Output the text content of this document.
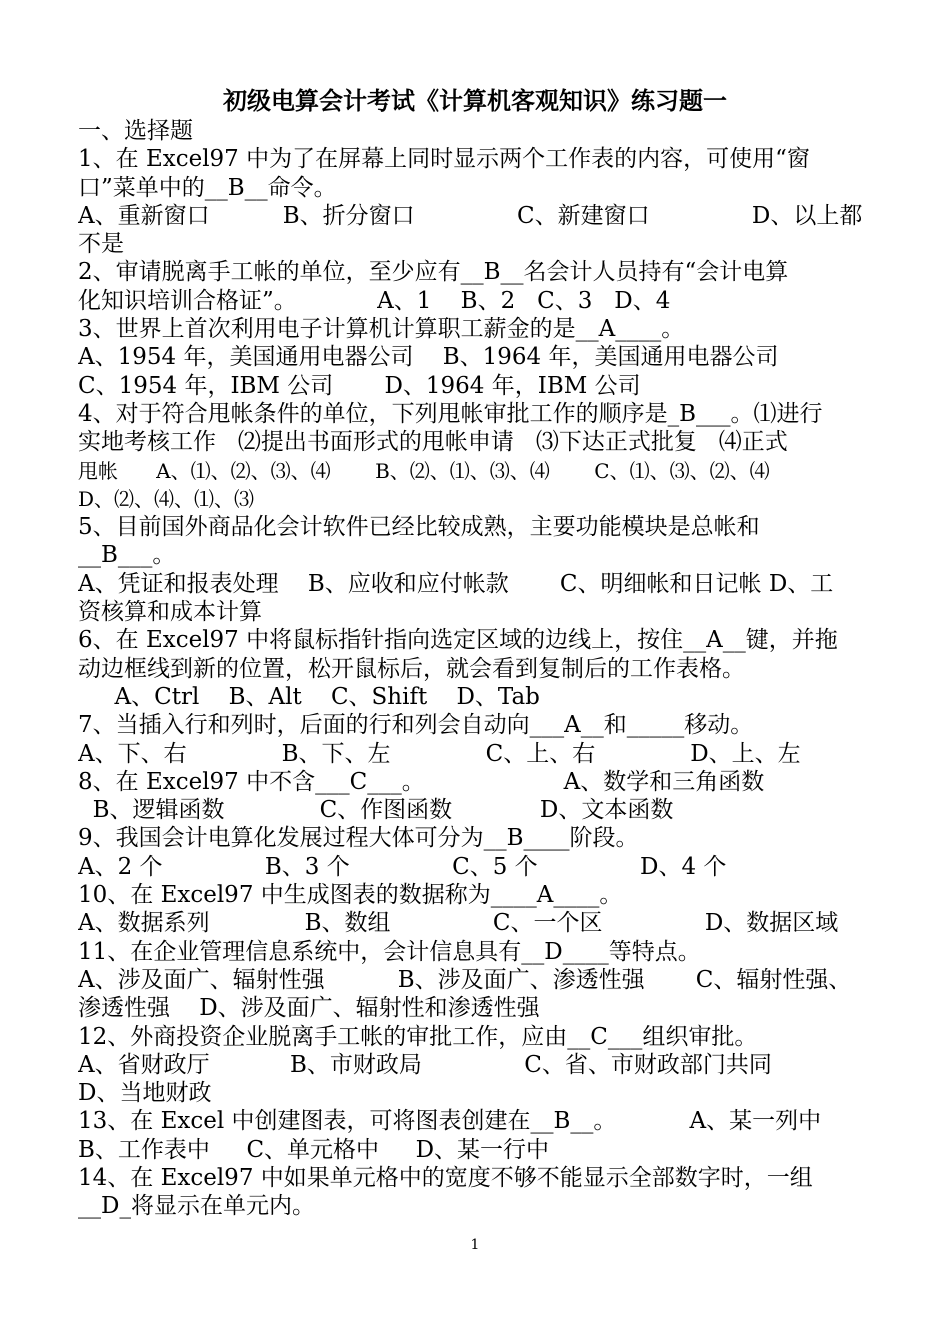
初级电算会计考试《计算机客观知识》练习题一
一、选择题
1、在 Excel97 中为了在屏幕上同时显示两个工作表的内容，可使用“窗
口”菜单中的__B__命令。
A、重新窗口          B、折分窗口              C、新建窗口              D、以上都
不是
2、审请脱离手工帐的单位，至少应有__B__名会计人员持有“会计电算
化知识培训合格证”。           A、1    B、2   C、3   D、4
3、世界上首次利用电子计算机计算职工薪金的是__A____。
A、1954 年，美国通用电器公司    B、1964 年，美国通用电器公司
C、1954 年，IBM 公司       D、1964 年，IBM 公司
4、对于符合甩帐条件的单位，下列甩帐审批工作的顺序是_B___。⑴进行
实地考核工作   ⑵提出书面形式的甩帐申请   ⑶下达正式批复   ⑷正式
甩帐      A、⑴、⑵、⑶、⑷       B、⑵、⑴、⑶、⑷       C、⑴、⑶、⑵、⑷
D、⑵、⑷、⑴、⑶
5、目前国外商品化会计软件已经比较成熟，主要功能模块是总帐和
__B___。
A、凭证和报表处理    B、应收和应付帐款       C、明细帐和日记帐 D、工
资核算和成本计算
6、在 Excel97 中将鼠标指针指向选定区域的边线上，按住__A__键，并拖
动边框线到新的位置，松开鼠标后，就会看到复制后的工作表格。
A、Ctrl    B、Alt    C、Shift    D、Tab
7、当插入行和列时，后面的行和列会自动向___A__和_____移动。
A、下、右             B、下、左             C、上、右             D、上、左
8、在 Excel97 中不含___C___。                   A、数学和三角函数
B、逻辑函数             C、作图函数            D、文本函数
9、我国会计电算化发展过程大体可分为__B____阶段。
A、2 个              B、3 个              C、5 个              D、4 个
10、在 Excel97 中生成图表的数据称为____A____。
A、数据系列             B、数组              C、一个区              D、数据区域
11、在企业管理信息系统中，会计信息具有__D____等特点。
A、涉及面广、辐射性强          B、涉及面广、渗透性强       C、辐射性强、
渗透性强    D、涉及面广、辐射性和渗透性强
12、外商投资企业脱离手工帐的审批工作，应由__C___组织审批。
A、省财政厅           B、市财政局              C、省、市财政部门共同
D、当地财政
13、在 Excel 中创建图表，可将图表创建在__B__。          A、某一列中
B、工作表中     C、单元格中     D、某一行中
14、在 Excel97 中如果单元格中的宽度不够不能显示全部数字时，一组
__D_将显示在单元内。
1
